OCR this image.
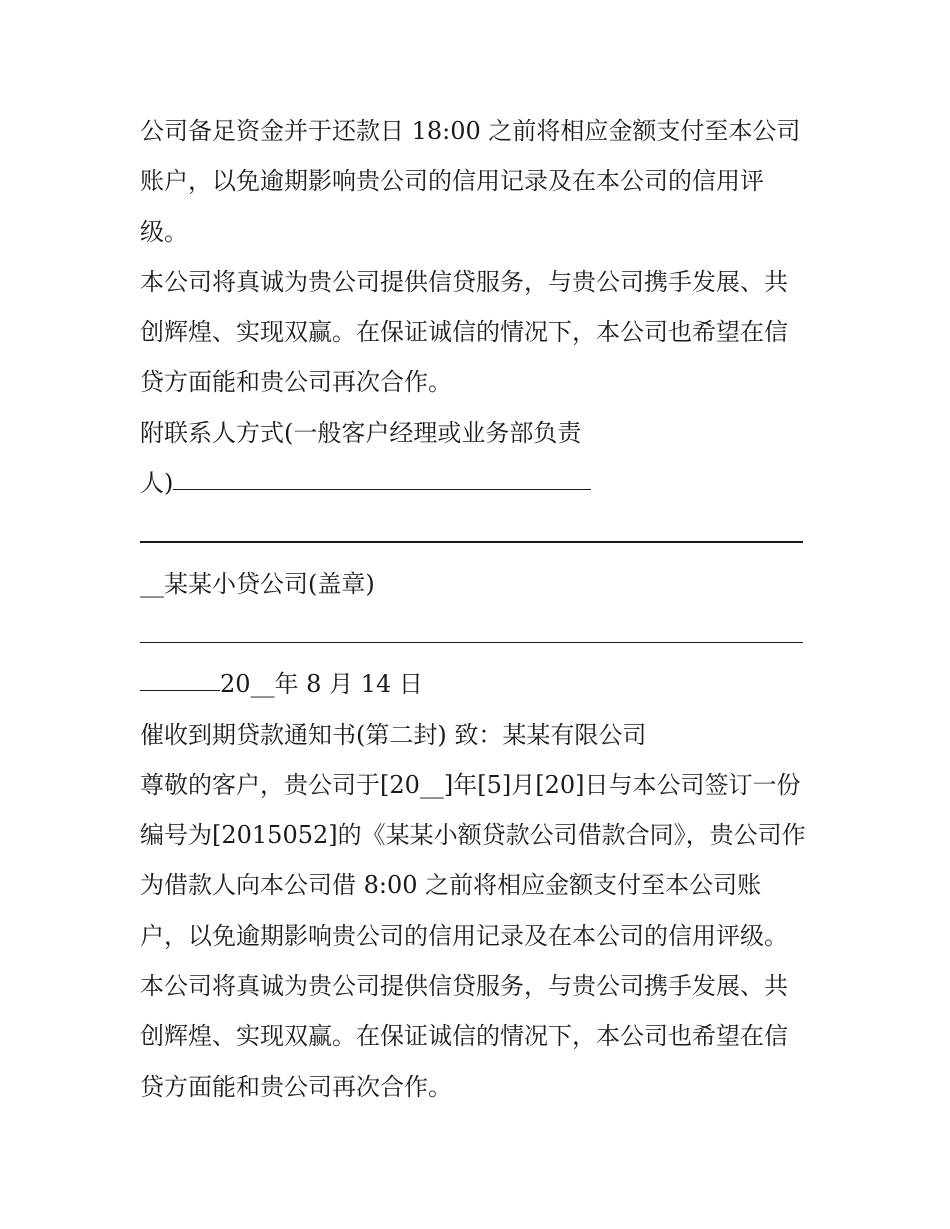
公司备足资金并于还款日 18:00 之前将相应金额支付至本公司
账户，以免逾期影响贵公司的信用记录及在本公司的信用评
级。
本公司将真诚为贵公司提供信贷服务，与贵公司携手发展、共
创辉煌、实现双赢。在保证诚信的情况下，本公司也希望在信
贷方面能和贵公司再次合作。
附联系人方式(一般客户经理或业务部负责
人)
__某某小贷公司(盖章)
20__年 8 月 14 日
催收到期贷款通知书(第二封) 致：某某有限公司
尊敬的客户，贵公司于[20__]年[5]月[20]日与本公司签订一份
编号为[2015052]的《某某小额贷款公司借款合同》，贵公司作
为借款人向本公司借 8:00 之前将相应金额支付至本公司账
户，以免逾期影响贵公司的信用记录及在本公司的信用评级。
本公司将真诚为贵公司提供信贷服务，与贵公司携手发展、共
创辉煌、实现双赢。在保证诚信的情况下，本公司也希望在信
贷方面能和贵公司再次合作。
